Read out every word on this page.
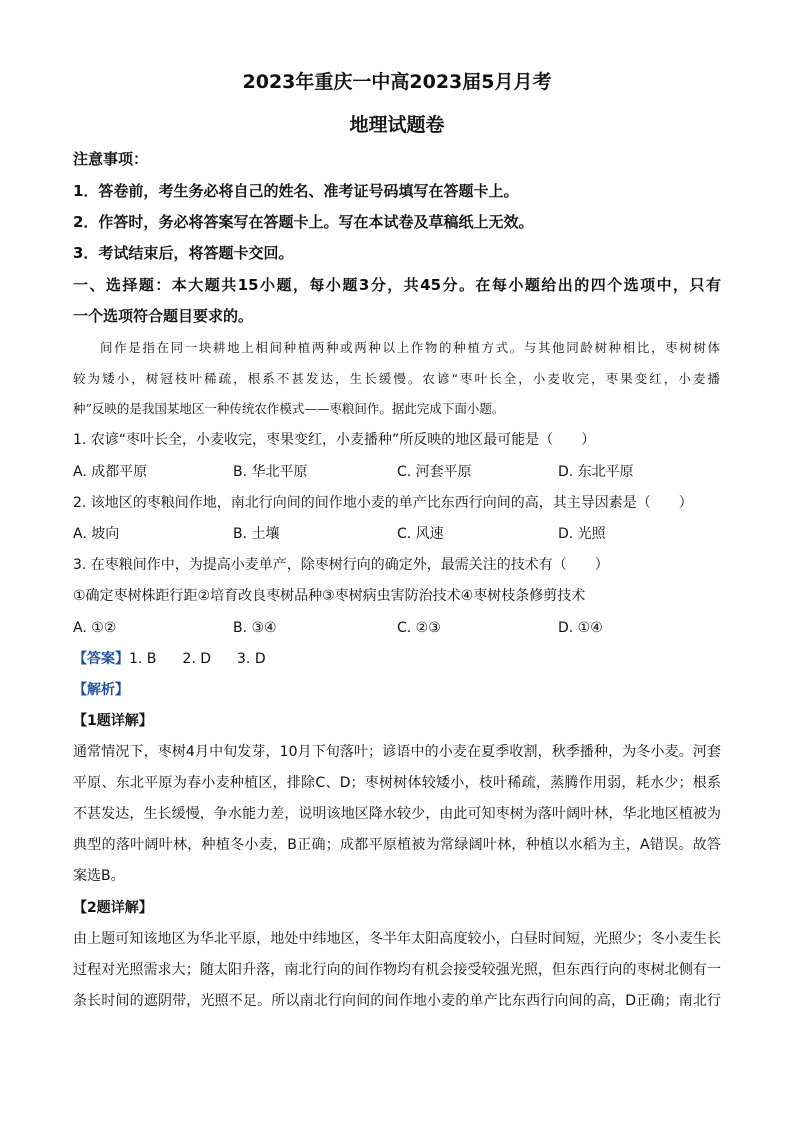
2023年重庆一中高2023届5月月考
地理试题卷
注意事项：
1．答卷前，考生务必将自己的姓名、准考证号码填写在答题卡上。
2．作答时，务必将答案写在答题卡上。写在本试卷及草稿纸上无效。
3．考试结束后，将答题卡交回。
一、选择题：本大题共15小题，每小题3分，共45分。在每小题给出的四个选项中，只有
一个选项符合题目要求的。
间作是指在同一块耕地上相间种植两种或两种以上作物的种植方式。与其他同龄树种相比，枣树树体
较为矮小，树冠枝叶稀疏，根系不甚发达，生长缓慢。农谚“枣叶长全，小麦收完，枣果变红，小麦播
种”反映的是我国某地区一种传统农作模式——枣粮间作。据此完成下面小题。
1. 农谚“枣叶长全，小麦收完，枣果变红，小麦播种”所反映的地区最可能是（　　）
A. 成都平原	B. 华北平原	C. 河套平原	D. 东北平原
2. 该地区的枣粮间作地，南北行向间的间作地小麦的单产比东西行向间的高，其主导因素是（　　）
A. 坡向	B. 土壤	C. 风速	D. 光照
3. 在枣粮间作中，为提高小麦单产，除枣树行向的确定外，最需关注的技术有（　　）
①确定枣树株距行距②培育改良枣树品种③枣树病虫害防治技术④枣树枝条修剪技术
A. ①②	B. ③④	C. ②③	D. ①④
【答案】1. B 2. D 3. D
【解析】
【1题详解】
通常情况下，枣树4月中旬发芽，10月下旬落叶；谚语中的小麦在夏季收割，秋季播种，为冬小麦。河套
平原、东北平原为春小麦种植区，排除C、D；枣树树体较矮小，枝叶稀疏，蒸腾作用弱，耗水少；根系
不甚发达，生长缓慢，争水能力差，说明该地区降水较少，由此可知枣树为落叶阔叶林，华北地区植被为
典型的落叶阔叶林，种植冬小麦，B正确；成都平原植被为常绿阔叶林，种植以水稻为主，A错误。故答
案选B。
【2题详解】
由上题可知该地区为华北平原，地处中纬地区，冬半年太阳高度较小，白昼时间短，光照少；冬小麦生长
过程对光照需求大；随太阳升落，南北行向的间作物均有机会接受较强光照，但东西行向的枣树北侧有一
条长时间的遮阴带，光照不足。所以南北行向间的间作地小麦的单产比东西行向间的高，D正确；南北行
